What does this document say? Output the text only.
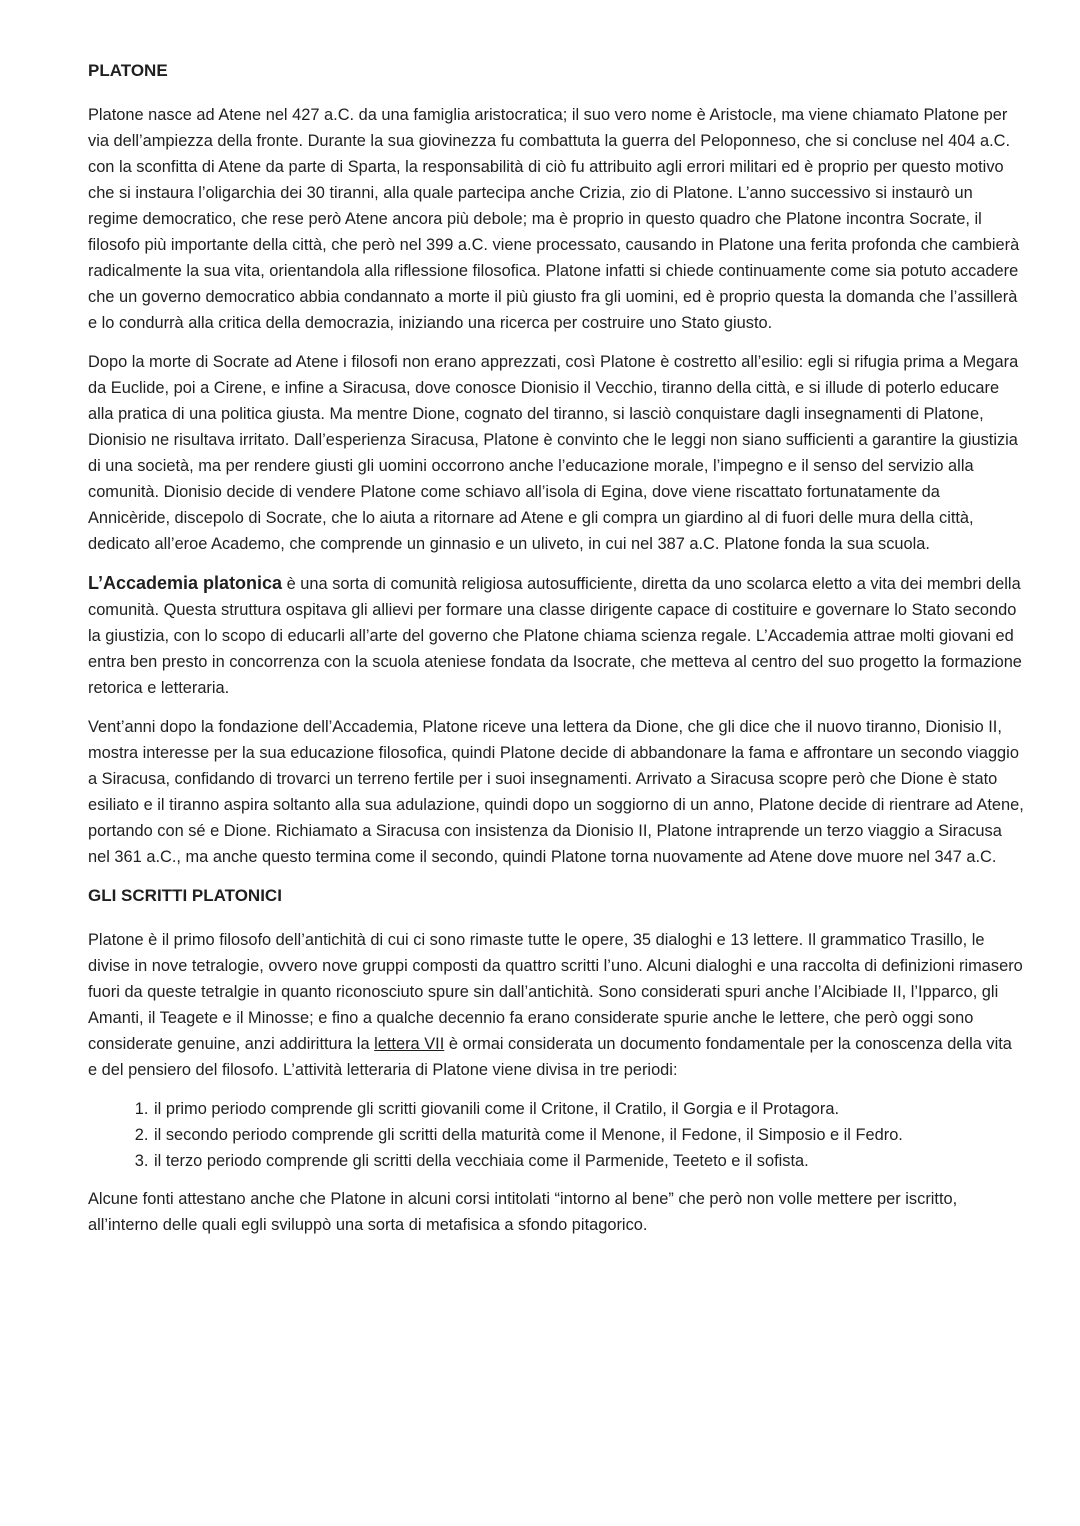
PLATONE

Platone nasce ad Atene nel 427 a.C. da una famiglia aristocratica; il suo vero nome è Aristocle, ma viene chiamato Platone per via dell’ampiezza della fronte. Durante la sua giovinezza fu combattuta la guerra del Peloponneso, che si concluse nel 404 a.C. con la sconfitta di Atene da parte di Sparta, la responsabilità di ciò fu attribuito agli errori militari ed è proprio per questo motivo che si instaura l’oligarchia dei 30 tiranni, alla quale partecipa anche Crizia, zio di Platone. L’anno successivo si instaurò un regime democratico, che rese però Atene ancora più debole; ma è proprio in questo quadro che Platone incontra Socrate, il filosofo più importante della città, che però nel 399 a.C. viene processato, causando in Platone una ferita profonda che cambierà radicalmente la sua vita, orientandola alla riflessione filosofica. Platone infatti si chiede continuamente come sia potuto accadere che un governo democratico abbia condannato a morte il più giusto fra gli uomini, ed è proprio questa la domanda che l’assillerà e lo condurrà alla critica della democrazia, iniziando una ricerca per costruire uno Stato giusto.

Dopo la morte di Socrate ad Atene i filosofi non erano apprezzati, così Platone è costretto all’esilio: egli si rifugia prima a Megara da Euclide, poi a Cirene, e infine a Siracusa, dove conosce Dionisio il Vecchio, tiranno della città, e si illude di poterlo educare alla pratica di una politica giusta. Ma mentre Dione, cognato del tiranno, si lasciò conquistare dagli insegnamenti di Platone, Dionisio ne risultava irritato. Dall’esperienza Siracusa, Platone è convinto che le leggi non siano sufficienti a garantire la giustizia di una società, ma per rendere giusti gli uomini occorrono anche l’educazione morale, l’impegno e il senso del servizio alla comunità. Dionisio decide di vendere Platone come schiavo all’isola di Egina, dove viene riscattato fortunatamente da Annicèride, discepolo di Socrate, che lo aiuta a ritornare ad Atene e gli compra un giardino al di fuori delle mura della città, dedicato all’eroe Academo, che comprende un ginnasio e un uliveto, in cui nel 387 a.C. Platone fonda la sua scuola.

L’Accademia platonica è una sorta di comunità religiosa autosufficiente, diretta da uno scolarca eletto a vita dei membri della comunità. Questa struttura ospitava gli allievi per formare una classe dirigente capace di costituire e governare lo Stato secondo la giustizia, con lo scopo di educarli all’arte del governo che Platone chiama scienza regale. L’Accademia attrae molti giovani ed entra ben presto in concorrenza con la scuola ateniese fondata da Isocrate, che metteva al centro del suo progetto la formazione retorica e letteraria.

Vent’anni dopo la fondazione dell’Accademia, Platone riceve una lettera da Dione, che gli dice che il nuovo tiranno, Dionisio II, mostra interesse per la sua educazione filosofica, quindi Platone decide di abbandonare la fama e affrontare un secondo viaggio a Siracusa, confidando di trovarci un terreno fertile per i suoi insegnamenti. Arrivato a Siracusa scopre però che Dione è stato esiliato e il tiranno aspira soltanto alla sua adulazione, quindi dopo un soggiorno di un anno, Platone decide di rientrare ad Atene, portando con sé e Dione. Richiamato a Siracusa con insistenza da Dionisio II, Platone intraprende un terzo viaggio a Siracusa nel 361 a.C., ma anche questo termina come il secondo, quindi Platone torna nuovamente ad Atene dove muore nel 347 a.C.

GLI SCRITTI PLATONICI

Platone è il primo filosofo dell’antichità di cui ci sono rimaste tutte le opere, 35 dialoghi e 13 lettere. Il grammatico Trasillo, le divise in nove tetralogie, ovvero nove gruppi composti da quattro scritti l’uno. Alcuni dialoghi e una raccolta di definizioni rimasero fuori da queste tetralgie in quanto riconosciuto spure sin dall’antichità. Sono considerati spuri anche l’Alcibiade II, l’Ipparco, gli Amanti, il Teagete e il Minosse; e fino a qualche decennio fa erano considerate spurie anche le lettere, che però oggi sono considerate genuine, anzi addirittura la lettera VII è ormai considerata un documento fondamentale per la conoscenza della vita e del pensiero del filosofo. L’attività letteraria di Platone viene divisa in tre periodi:

1. il primo periodo comprende gli scritti giovanili come il Critone, il Cratilo, il Gorgia e il Protagora.
2. il secondo periodo comprende gli scritti della maturità come il Menone, il Fedone, il Simposio e il Fedro.
3. il terzo periodo comprende gli scritti della vecchiaia come il Parmenide, Teeteto e il sofista.

Alcune fonti attestano anche che Platone in alcuni corsi intitolati “intorno al bene” che però non volle mettere per iscritto, all’interno delle quali egli sviluppò una sorta di metafisica a sfondo pitagorico.
